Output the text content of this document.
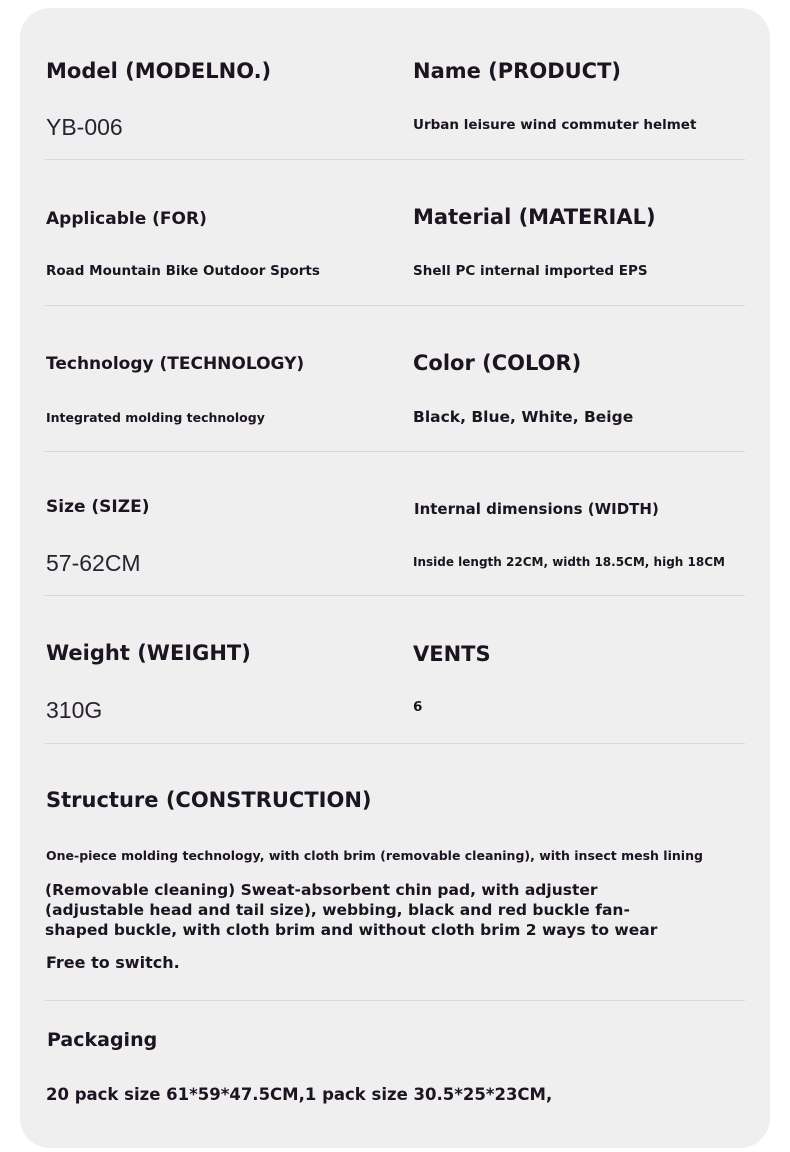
Model (MODELNO.)
YB-006
Name (PRODUCT)
Urban leisure wind commuter helmet
Applicable (FOR)
Road Mountain Bike Outdoor Sports
Material (MATERIAL)
Shell PC internal imported EPS
Technology (TECHNOLOGY)
Integrated molding technology
Color (COLOR)
Black, Blue, White, Beige
Size (SIZE)
57-62CM
Internal dimensions (WIDTH)
Inside length 22CM, width 18.5CM, high 18CM
Weight (WEIGHT)
310G
VENTS
6
Structure (CONSTRUCTION)
One-piece molding technology, with cloth brim (removable cleaning), with insect mesh lining
(Removable cleaning) Sweat-absorbent chin pad, with adjuster (adjustable head and tail size), webbing, black and red buckle fan-shaped buckle, with cloth brim and without cloth brim 2 ways to wear
Free to switch.
Packaging
20 pack size 61*59*47.5CM,1 pack size 30.5*25*23CM,
